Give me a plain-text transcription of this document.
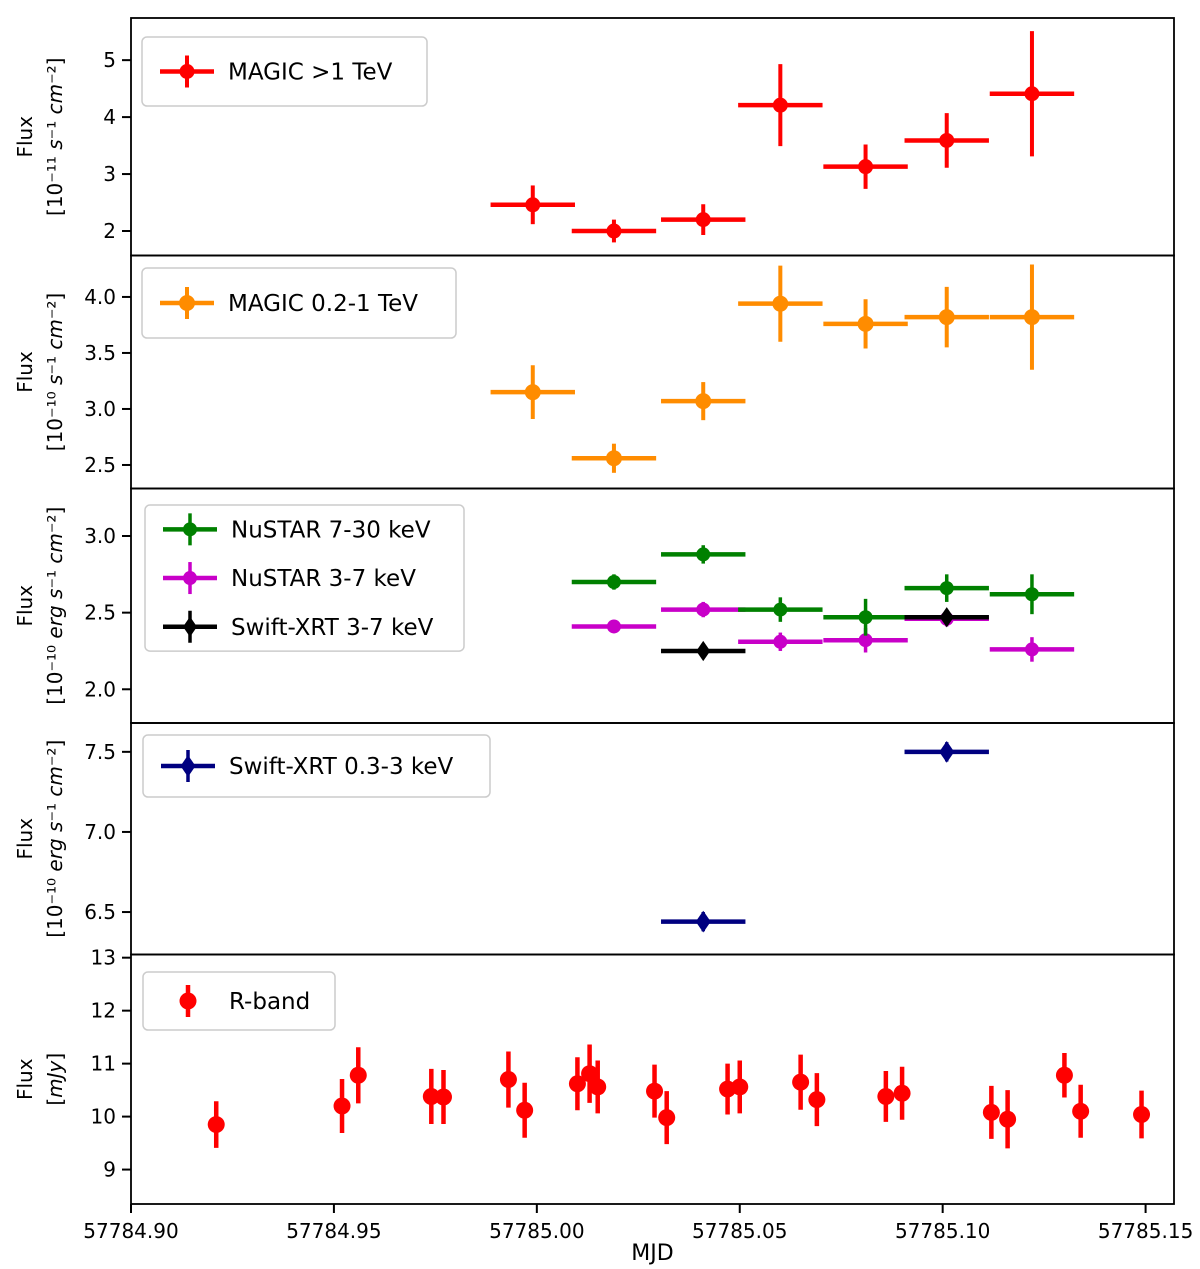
2
3
4
5
Flux
[10⁻¹¹ s⁻¹ cm⁻²]	MAGIC >1 TeV
2.5
3.0
3.5
4.0
Flux
[10⁻¹⁰ s⁻¹ cm⁻²]	MAGIC 0.2-1 TeV
2.0
2.5
3.0
Flux
[10⁻¹⁰ erg s⁻¹ cm⁻²]	NuSTAR 7-30 keV
NuSTAR 3-7 keV
Swift-XRT 3-7 keV
6.5
7.0
7.5
Flux
[10⁻¹⁰ erg s⁻¹ cm⁻²]
Swift-XRT 0.3-3 keV
9
10
11
12
13
Flux
[mJy]
R-band
57784.90	57784.95	57785.00	57785.05	57785.10	57785.15
MJD
